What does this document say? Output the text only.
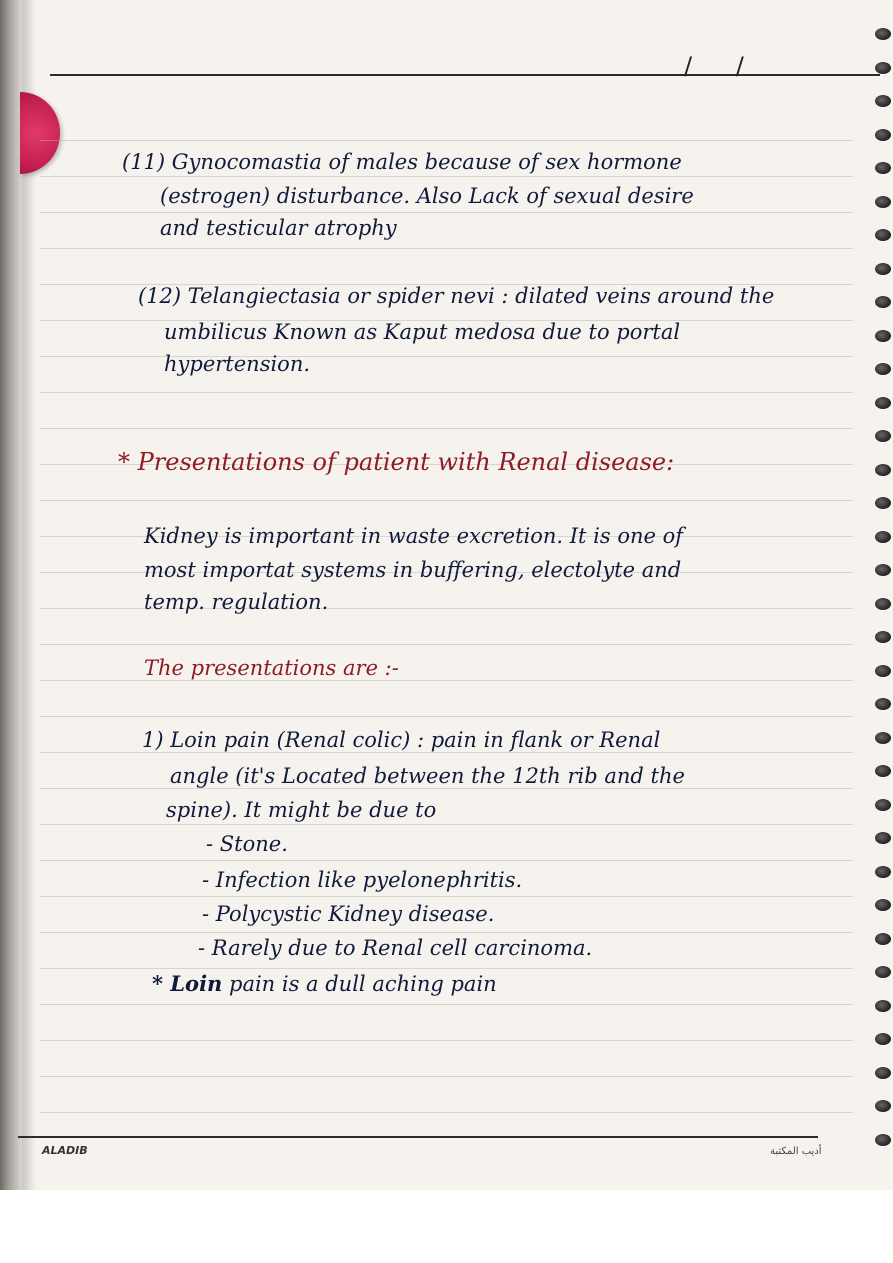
/ /

(11) Gynocomastia of males because of sex hormone

(estrogen) disturbance. Also Lack of sexual desire

and testicular atrophy

(12) Telangiectasia or spider nevi : dilated veins around the

umbilicus Known as Kaput medosa due to portal

hypertension.

* Presentations of patient with Renal disease:

Kidney is important in waste excretion. It is one of

most importat systems in buffering, electolyte and

temp. regulation.

The presentations are :-

1) Loin pain (Renal colic) : pain in flank or Renal

angle (it's Located between the 12th rib and the

spine). It might be due to

- Stone.

- Infection like pyelonephritis.

- Polycystic Kidney disease.

- Rarely due to Renal cell carcinoma.

* Loin pain is a dull aching pain

ALADIB	أديب المكتبة
